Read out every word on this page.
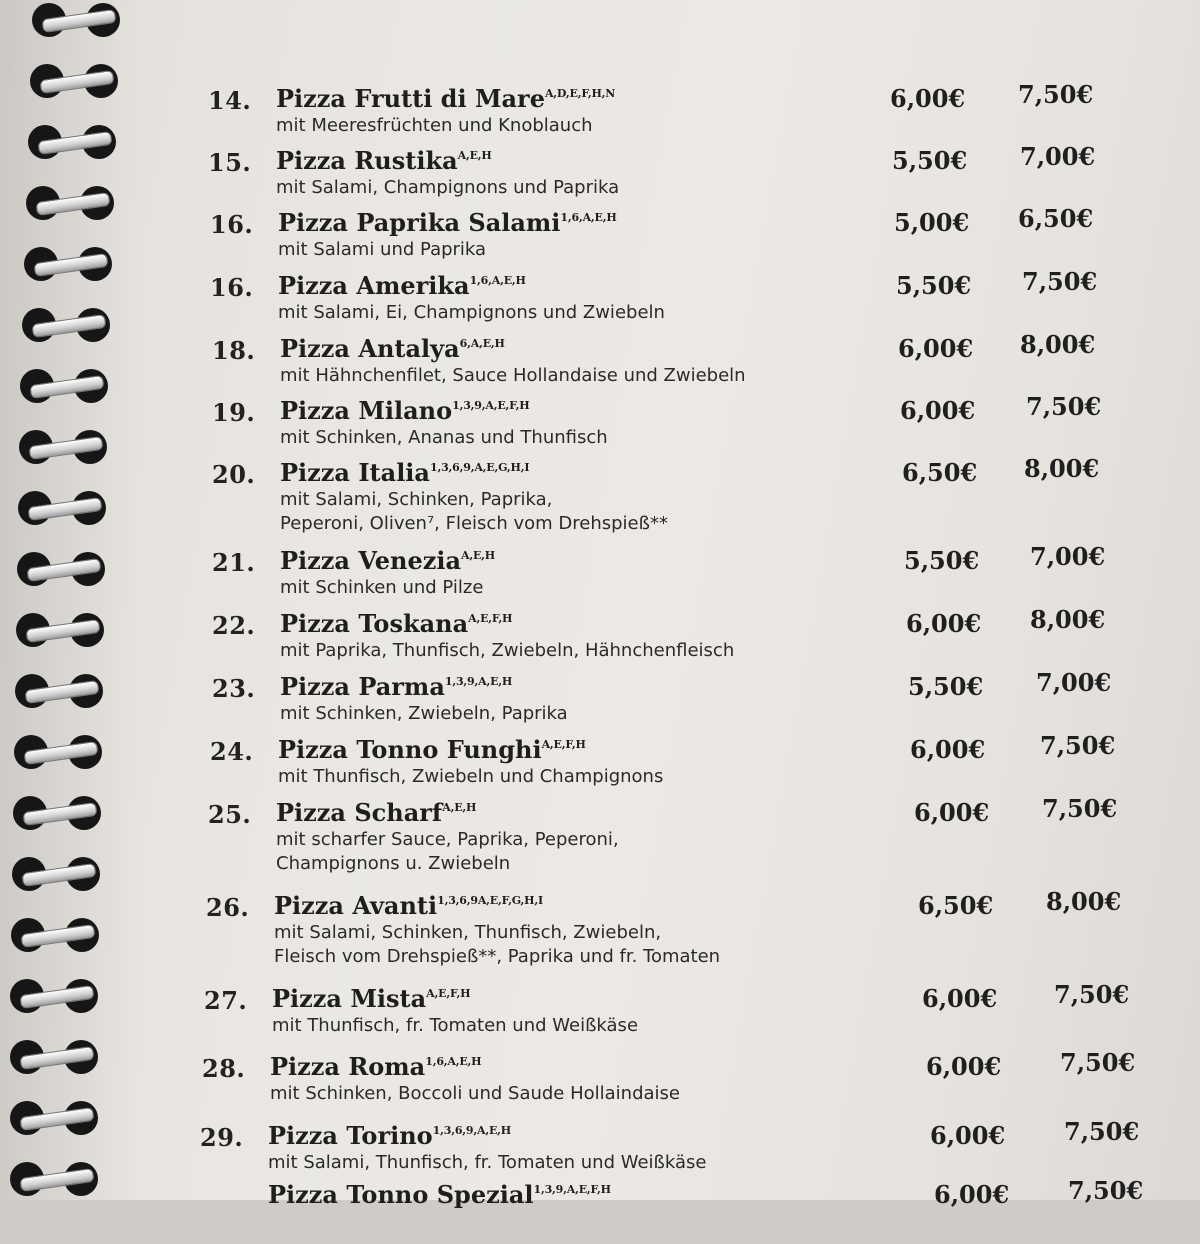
14. Pizza Frutti di Mare$^{A,D,E,F,H,N}$
mit Meeresfrüchten und Knoblauch
6,00€ 7,50€
15. Pizza Rustika$^{A,E,H}$
mit Salami, Champignons und Paprika
5,50€ 7,00€
16. Pizza Paprika Salami$^{1,6,A,E,H}$
mit Salami und Paprika
5,00€ 6,50€
16. Pizza Amerika$^{1,6,A,E,H}$
mit Salami, Ei, Champignons und Zwiebeln
5,50€ 7,50€
18. Pizza Antalya$^{6,A,E,H}$
mit Hähnchenfilet, Sauce Hollandaise und Zwiebeln
6,00€ 8,00€
19. Pizza Milano$^{1,3,9,A,E,F,H}$
mit Schinken, Ananas und Thunfisch
6,00€ 7,50€
20. Pizza Italia$^{1,3,6,9,A,E,G,H,I}$
mit Salami, Schinken, Paprika,
Peperoni, Oliven⁷, Fleisch vom Drehspieß**
6,50€ 8,00€
21. Pizza Venezia$^{A,E,H}$
mit Schinken und Pilze
5,50€ 7,00€
22. Pizza Toskana$^{A,E,F,H}$
mit Paprika, Thunfisch, Zwiebeln, Hähnchenfleisch
6,00€ 8,00€
23. Pizza Parma$^{1,3,9,A,E,H}$
mit Schinken, Zwiebeln, Paprika
5,50€ 7,00€
24. Pizza Tonno Funghi$^{A,E,F,H}$
mit Thunfisch, Zwiebeln und Champignons
6,00€ 7,50€
25. Pizza Scharf$^{A,E,H}$
mit scharfer Sauce, Paprika, Peperoni,
Champignons u. Zwiebeln
6,00€ 7,50€
26. Pizza Avanti$^{1,3,6,9A,E,F,G,H,I}$
mit Salami, Schinken, Thunfisch, Zwiebeln,
Fleisch vom Drehspieß**, Paprika und fr. Tomaten
6,50€ 8,00€
27. Pizza Mista$^{A,E,F,H}$
mit Thunfisch, fr. Tomaten und Weißkäse
6,00€ 7,50€
28. Pizza Roma$^{1,6,A,E,H}$
mit Schinken, Boccoli und Saude Hollaindaise
6,00€ 7,50€
29. Pizza Torino$^{1,3,6,9,A,E,H}$
mit Salami, Thunfisch, fr. Tomaten und Weißkäse
6,00€ 7,50€
Pizza Tonno Spezial$^{1,3,9,A,E,F,H}$	6,00€ 7,50€
